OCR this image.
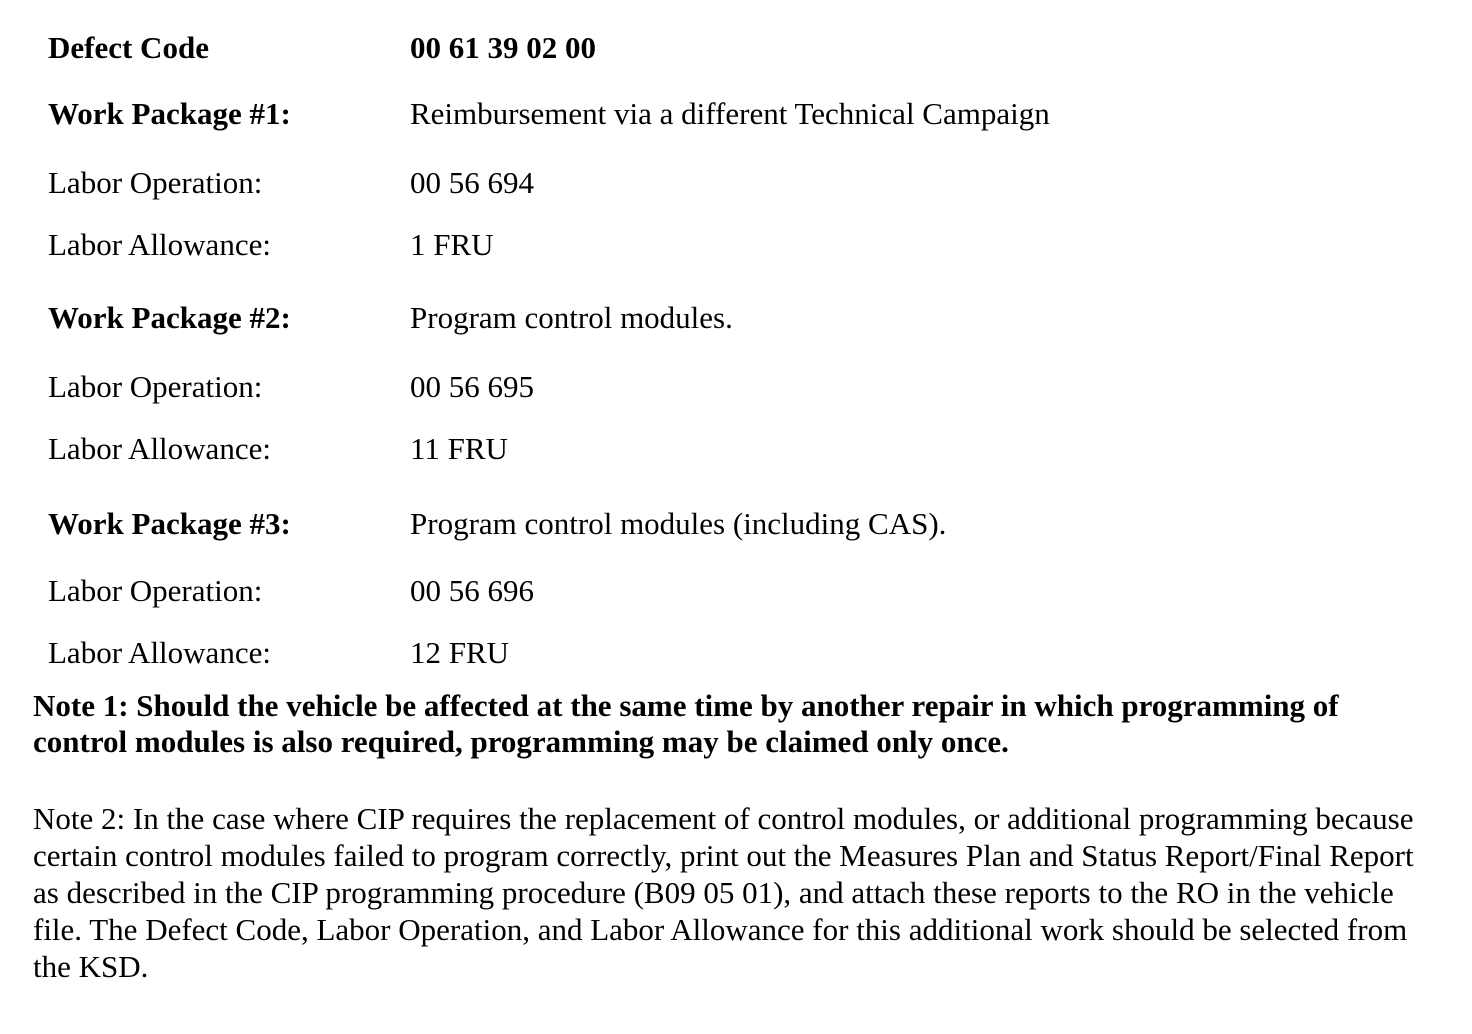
Defect Code	00 61 39 02 00
Work Package #1:	Reimbursement via a different Technical Campaign
Labor Operation:	00 56 694
Labor Allowance:	1 FRU
Work Package #2:	Program control modules.
Labor Operation:	00 56 695
Labor Allowance:	11 FRU
Work Package #3:	Program control modules (including CAS).
Labor Operation:	00 56 696
Labor Allowance:	12 FRU
Note 1: Should the vehicle be affected at the same time by another repair in which programming of control modules is also required, programming may be claimed only once.
Note 2: In the case where CIP requires the replacement of control modules, or additional programming because certain control modules failed to program correctly, print out the Measures Plan and Status Report/Final Report as described in the CIP programming procedure (B09 05 01), and attach these reports to the RO in the vehicle file. The Defect Code, Labor Operation, and Labor Allowance for this additional work should be selected from the KSD.
